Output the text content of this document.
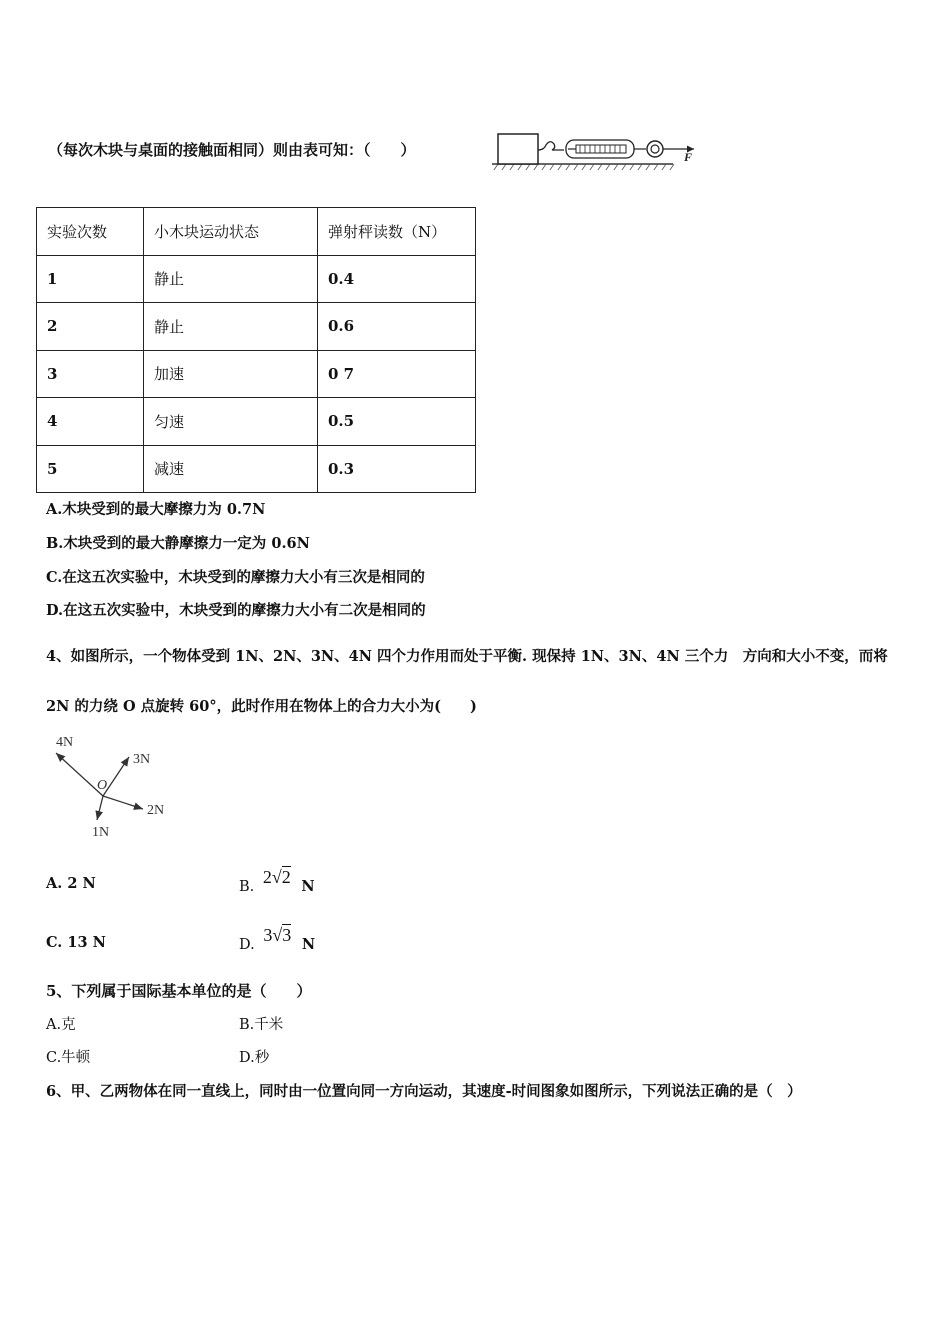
（每次木块与桌面的接触面相同）则由表可知：（　　）	F
实验次数	小木块运动状态	弹射秤读数（N）
1	静止	0.4
2	静止	0.6
3	加速	0 7
4	匀速	0.5
5	减速	0.3
A.木块受到的最大摩擦力为 0.7N
B.木块受到的最大静摩擦力一定为 0.6N
C.在这五次实验中，木块受到的摩擦力大小有三次是相同的
D.在这五次实验中，木块受到的摩擦力大小有二次是相同的
4、如图所示，一个物体受到 1N、2N、3N、4N 四个力作用而处于平衡. 现保持 1N、3N、4N 三个力　方向和大小不变，而将
2N 的力绕 O 点旋转 60°，此时作用在物体上的合力大小为(　　)
4N
3N
2N
1N
O
A. 2 N	B. 2√2 N
C. 13 N	D. 3√3 N
5、下列属于国际基本单位的是（　　）
A.克	B.千米
C.牛顿	D.秒
6、甲、乙两物体在同一直线上，同时由一位置向同一方向运动，其速度-时间图象如图所示，下列说法正确的是（　）
